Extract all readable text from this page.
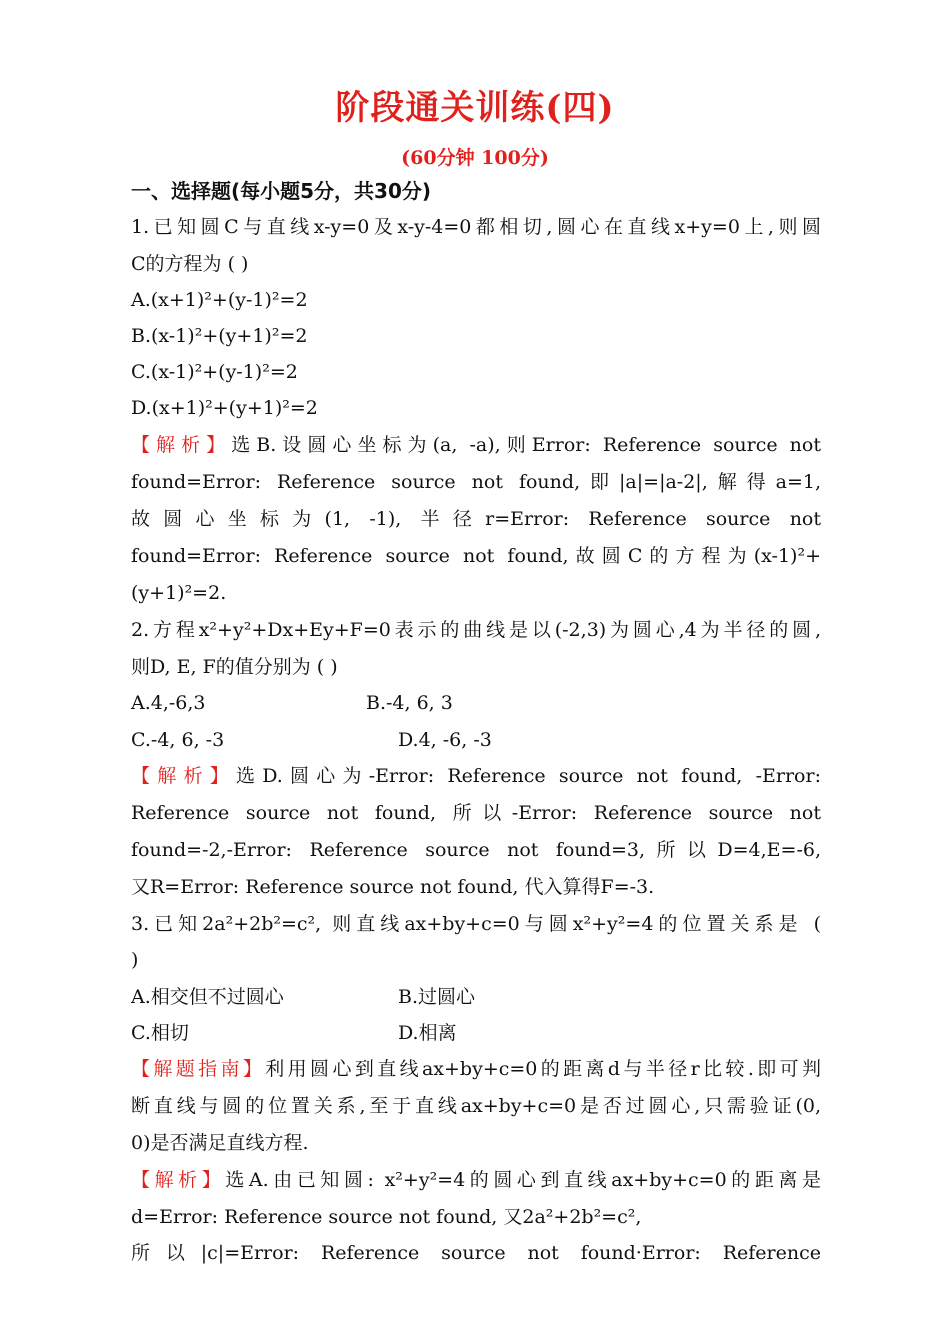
阶段通关训练(四)
(60分钟 100分)
一、选择题(每小题5分，共30分)
1.已知圆C与直线x-y=0及x-y-4=0都相切,圆心在直线x+y=0上,则圆
C的方程为 ( )
A.(x+1)²+(y-1)²=2
B.(x-1)²+(y+1)²=2
C.(x-1)²+(y-1)²=2
D.(x+1)²+(y+1)²=2
【解析】选B.设圆心坐标为(a, -a),则Error: Reference source not
found=Error: Reference source not found,即|a|=|a-2|,解得a=1,
故圆心坐标为(1, -1), 半径r=Error: Reference source not
found=Error: Reference source not found,故圆C的方程为(x-1)²+
(y+1)²=2.
2.方程x²+y²+Dx+Ey+F=0表示的曲线是以(-2,3)为圆心,4为半径的圆,
则D, E, F的值分别为 ( )
A.4,-6,3	B.-4, 6, 3
C.-4, 6, -3	D.4, -6, -3
【解析】选D.圆心为-Error: Reference source not found, -Error:
Reference source not found, 所以-Error: Reference source not
found=-2,-Error: Reference source not found=3,所以D=4,E=-6,
又R=Error: Reference source not found, 代入算得F=-3.
3.已知2a²+2b²=c², 则直线ax+by+c=0与圆x²+y²=4的位置关系是 (
)
A.相交但不过圆心	B.过圆心
C.相切	D.相离
【解题指南】利用圆心到直线ax+by+c=0的距离d与半径r比较.即可判
断直线与圆的位置关系,至于直线ax+by+c=0是否过圆心,只需验证(0,
0)是否满足直线方程.
【解析】选A.由已知圆: x²+y²=4的圆心到直线ax+by+c=0的距离是
d=Error: Reference source not found, 又2a²+2b²=c²,
所以|c|=Error: Reference source not found·Error: Reference
